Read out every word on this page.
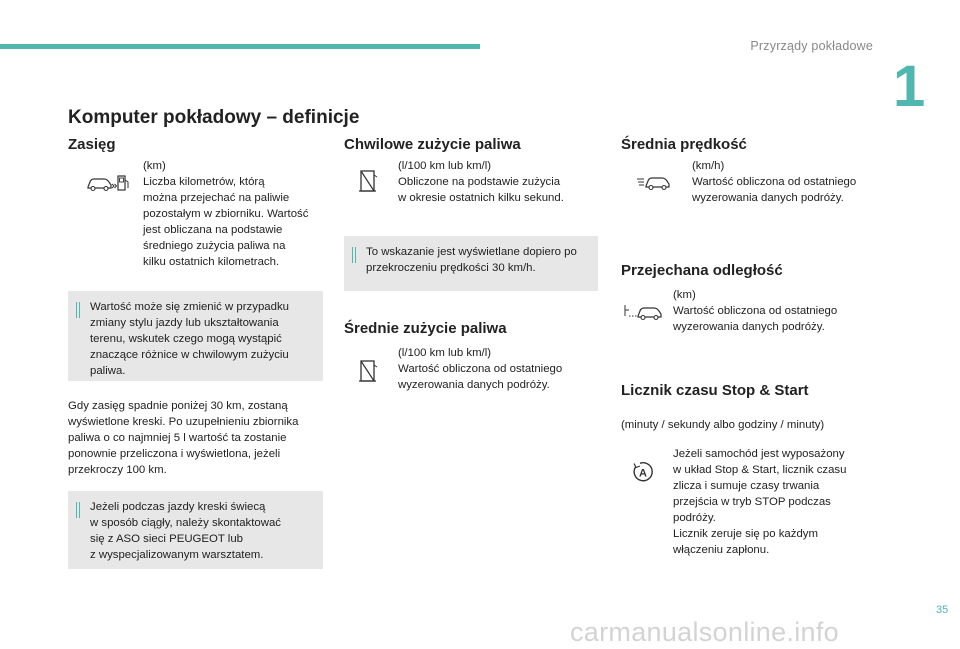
Przyrządy pokładowe
1
Komputer pokładowy – definicje
Zasięg
(km)
Liczba kilometrów, którą
można przejechać na paliwie
pozostałym w zbiorniku. Wartość
jest obliczana na podstawie
średniego zużycia paliwa na
kilku ostatnich kilometrach.
Wartość może się zmienić w przypadku
zmiany stylu jazdy lub ukształtowania
terenu, wskutek czego mogą wystąpić
znaczące różnice w chwilowym zużyciu
paliwa.
Gdy zasięg spadnie poniżej 30 km, zostaną
wyświetlone kreski. Po uzupełnieniu zbiornika
paliwa o co najmniej 5 l wartość ta zostanie
ponownie przeliczona i wyświetlona, jeżeli
przekroczy 100 km.
Jeżeli podczas jazdy kreski świecą
w sposób ciągły, należy skontaktować
się z ASO sieci PEUGEOT lub
z wyspecjalizowanym warsztatem.
Chwilowe zużycie paliwa
(l/100 km lub km/l)
Obliczone na podstawie zużycia
w okresie ostatnich kilku sekund.
To wskazanie jest wyświetlane dopiero po
przekroczeniu prędkości 30 km/h.
Średnie zużycie paliwa
(l/100 km lub km/l)
Wartość obliczona od ostatniego
wyzerowania danych podróży.
Średnia prędkość
(km/h)
Wartość obliczona od ostatniego
wyzerowania danych podróży.
Przejechana odległość
(km)
Wartość obliczona od ostatniego
wyzerowania danych podróży.
Licznik czasu Stop & Start
(minuty / sekundy albo godziny / minuty)
A
Jeżeli samochód jest wyposażony
w układ Stop & Start, licznik czasu
zlicza i sumuje czasy trwania
przejścia w tryb STOP podczas
podróży.
Licznik zeruje się po każdym
włączeniu zapłonu.
35
carmanualsonline.info
